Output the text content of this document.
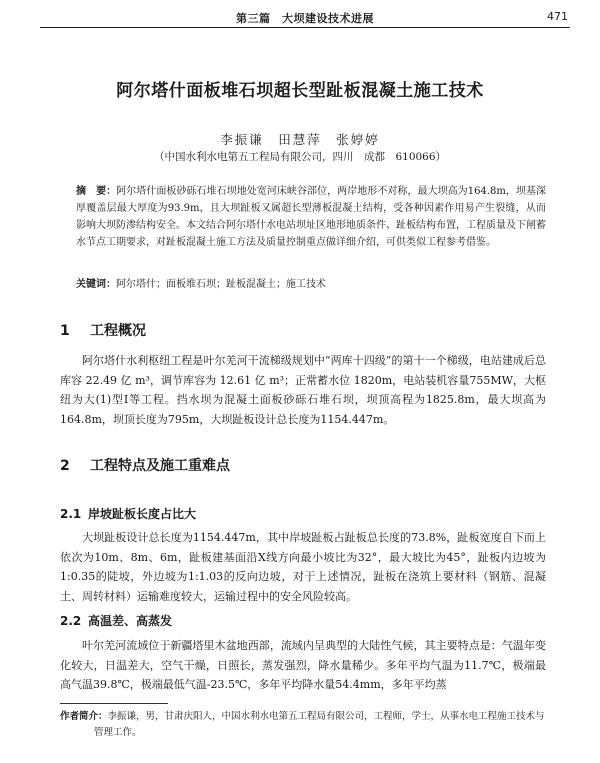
第三篇　大坝建设技术进展	471
阿尔塔什面板堆石坝超长型趾板混凝土施工技术
李振谦　田慧萍　张婷婷
（中国水利水电第五工程局有限公司，四川　成都　610066）
摘　要：阿尔塔什面板砂砾石堆石坝地处宽河床峡谷部位，两岸地形不对称，最大坝高为164.8m，坝基深厚覆盖层最大厚度为93.9m，且大坝趾板又属超长型薄板混凝土结构，受各种因素作用易产生裂缝，从而影响大坝防渗结构安全。本文结合阿尔塔什水电站坝址区地形地质条件、趾板结构布置，工程质量及下闸蓄水节点工期要求，对趾板混凝土施工方法及质量控制重点做详细介绍，可供类似工程参考借鉴。
关键词：阿尔塔什；面板堆石坝；趾板混凝土；施工技术
1 工程概况

阿尔塔什水利枢纽工程是叶尔羌河干流梯级规划中“两库十四级”的第十一个梯级，电站建成后总库容 22.49 亿 m³，调节库容为 12.61 亿 m³；正常蓄水位 1820m，电站装机容量755MW，大枢纽为大(1)型Ⅰ等工程。挡水坝为混凝土面板砂砾石堆石坝，坝顶高程为1825.8m，最大坝高为164.8m，坝顶长度为795m，大坝趾板设计总长度为1154.447m。

2 工程特点及施工重难点
2.1 岸坡趾板长度占比大

大坝趾板设计总长度为1154.447m，其中岸坡趾板占趾板总长度的73.8%，趾板宽度自下而上依次为10m、8m、6m，趾板建基面沿X线方向最小坡比为32°，最大坡比为45°，趾板内边坡为1:0.35的陡坡，外边坡为1:1.03的反向边坡，对于上述情况，趾板在浇筑上要材料（钢筋、混凝土、周转材料）运输难度较大，运输过程中的安全风险较高。

2.2 高温差、高蒸发

叶尔羌河流域位于新疆塔里木盆地西部，流域内呈典型的大陆性气候，其主要特点是：气温年变化较大，日温差大，空气干燥，日照长，蒸发强烈，降水量稀少。多年平均气温为11.7℃，极端最高气温39.8℃，极端最低气温-23.5℃，多年平均降水量54.4mm，多年平均蒸

作者简介：李振谦，男，甘肃庆阳人，中国水利水电第五工程局有限公司，工程师，学士，从事水电工程施工技术与管理工作。
